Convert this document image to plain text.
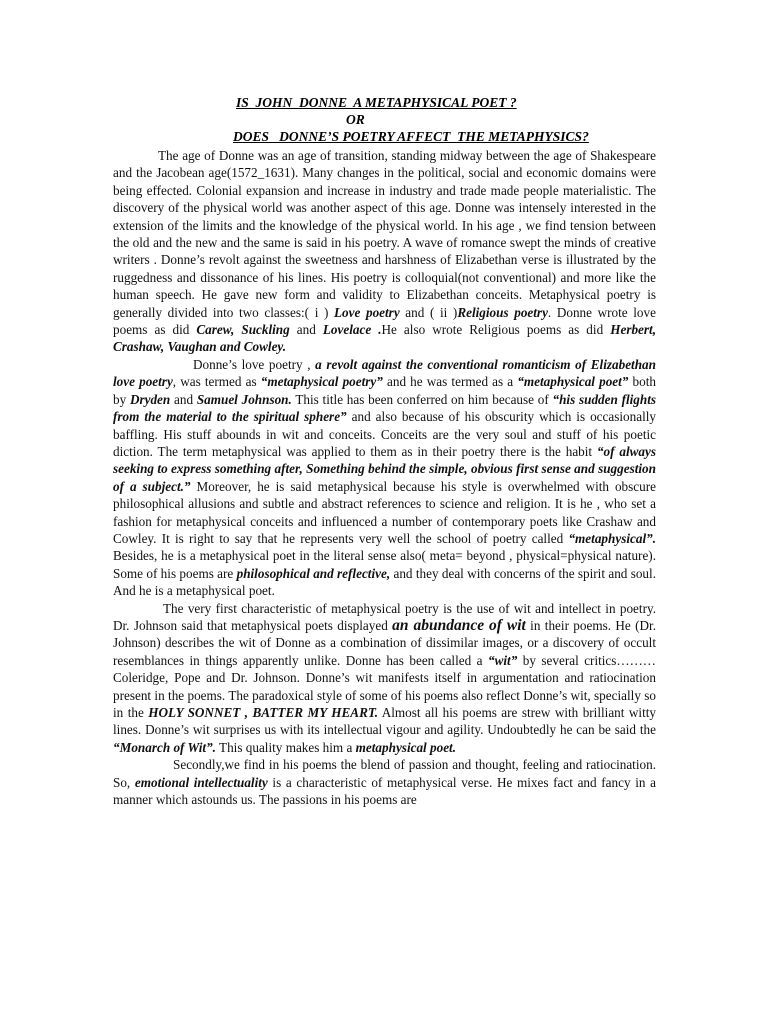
IS  JOHN  DONNE  A METAPHYSICAL POET ?
OR
DOES   DONNE’S POETRY AFFECT  THE METAPHYSICS?

The age of Donne was an age of transition, standing midway between the age of Shakespeare and the Jacobean age(1572_1631). Many changes in the political, social and economic domains were being effected. Colonial expansion and increase in industry and trade made people materialistic. The discovery of the physical world was another aspect of this age. Donne was intensely interested in the extension of the limits and the knowledge of the physical world. In his age , we find tension between the old and the new and the same is said in his poetry. A wave of romance swept the minds of creative writers . Donne’s revolt against the sweetness and harshness of Elizabethan verse is illustrated by the ruggedness and dissonance of his lines. His poetry is colloquial(not conventional) and more like the human speech. He gave new form and validity to Elizabethan conceits. Metaphysical poetry is generally divided into two classes:( i ) Love poetry and ( ii )Religious poetry. Donne wrote love poems as did Carew, Suckling and Lovelace .He also wrote Religious poems as did Herbert, Crashaw, Vaughan and Cowley.

Donne’s love poetry , a revolt against the conventional romanticism of Elizabethan love poetry, was termed as “metaphysical poetry” and he was termed as a “metaphysical poet” both by Dryden and Samuel Johnson. This title has been conferred on him because of “his sudden flights from the material to the spiritual sphere” and also because of his obscurity which is occasionally baffling. His stuff abounds in wit and conceits. Conceits are the very soul and stuff of his poetic diction. The term metaphysical was applied to them as in their poetry there is the habit “of always seeking to express something after, Something behind the simple, obvious first sense and suggestion of a subject.” Moreover, he is said metaphysical because his style is overwhelmed with obscure philosophical allusions and subtle and abstract references to science and religion. It is he , who set a fashion for metaphysical conceits and influenced a number of contemporary poets like Crashaw and Cowley. It is right to say that he represents very well the school of poetry called “metaphysical”. Besides, he is a metaphysical poet in the literal sense also( meta= beyond , physical=physical nature). Some of his poems are philosophical and reflective, and they deal with concerns of the spirit and soul. And he is a metaphysical poet.

The very first characteristic of metaphysical poetry is the use of wit and intellect in poetry. Dr. Johnson said that metaphysical poets displayed an abundance of wit in their poems. He (Dr. Johnson) describes the wit of Donne as a combination of dissimilar images, or a discovery of occult resemblances in things apparently unlike. Donne has been called a “wit” by several critics………Coleridge, Pope and Dr. Johnson. Donne’s wit manifests itself in argumentation and ratiocination present in the poems. The paradoxical style of some of his poems also reflect Donne’s wit, specially so in the HOLY SONNET , BATTER MY HEART. Almost all his poems are strew with brilliant witty lines. Donne’s wit surprises us with its intellectual vigour and agility. Undoubtedly he can be said the “Monarch of Wit”. This quality makes him a metaphysical poet.

Secondly,we find in his poems the blend of passion and thought, feeling and ratiocination. So, emotional intellectuality is a characteristic of metaphysical verse. He mixes fact and fancy in a manner which astounds us. The passions in his poems are
